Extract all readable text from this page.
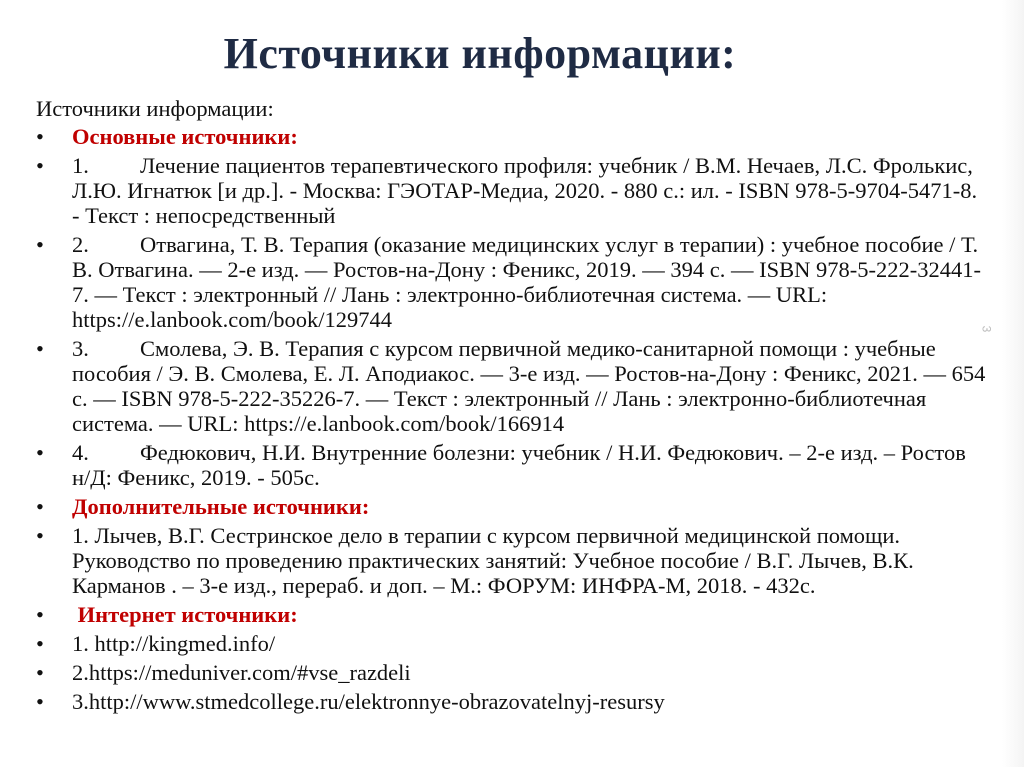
Источники информации:
3
Источники информации:
• Основные источники:
• 1. Лечение пациентов терапевтического профиля: учебник / В.М. Нечаев, Л.С. Фролькис, Л.Ю. Игнатюк [и др.]. - Москва: ГЭОТАР-Медиа, 2020. - 880 с.: ил. - ISBN 978-5-9704-5471-8. - Текст : непосредственный
• 2. Отвагина, Т. В. Терапия (оказание медицинских услуг в терапии) : учебное пособие / Т. В. Отвагина. — 2-е изд. — Ростов-на-Дону : Феникс, 2019. — 394 с. — ISBN 978-5-222-32441-7. — Текст : электронный // Лань : электронно-библиотечная система. — URL: https://e.lanbook.com/book/129744
• 3. Смолева, Э. В. Терапия с курсом первичной медико-санитарной помощи : учебные пособия / Э. В. Смолева, Е. Л. Аподиакос. — 3-е изд. — Ростов-на-Дону : Феникс, 2021. — 654 с. — ISBN 978-5-222-35226-7. — Текст : электронный // Лань : электронно-библиотечная система. — URL: https://e.lanbook.com/book/166914
• 4. Федюкович, Н.И. Внутренние болезни: учебник / Н.И. Федюкович. – 2-е изд. – Ростов н/Д: Феникс, 2019. - 505с.
• Дополнительные источники:
• 1. Лычев, В.Г. Сестринское дело в терапии с курсом первичной медицинской помощи. Руководство по проведению практических занятий: Учебное пособие / В.Г. Лычев, В.К. Карманов . – 3-е изд., перераб. и доп. – М.: ФОРУМ: ИНФРА-М, 2018. - 432с.
• Интернет источники:
• 1. http://kingmed.info/
• 2.https://meduniver.com/#vse_razdeli
• 3.http://www.stmedcollege.ru/elektronnye-obrazovatelnyj-resursy
